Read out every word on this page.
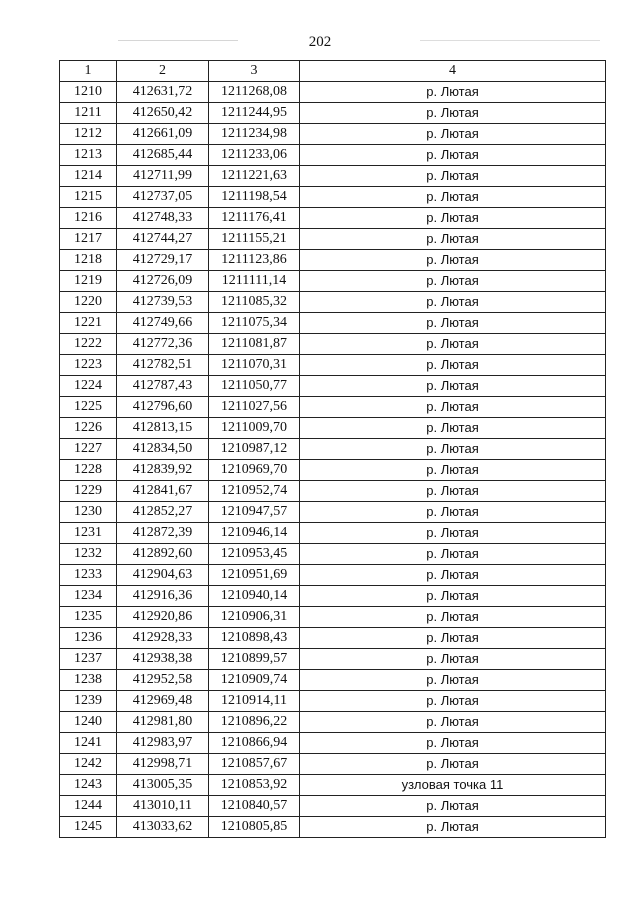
202
1	2	3	4
1210	412631,72	1211268,08	р. Лютая
1211	412650,42	1211244,95	р. Лютая
1212	412661,09	1211234,98	р. Лютая
1213	412685,44	1211233,06	р. Лютая
1214	412711,99	1211221,63	р. Лютая
1215	412737,05	1211198,54	р. Лютая
1216	412748,33	1211176,41	р. Лютая
1217	412744,27	1211155,21	р. Лютая
1218	412729,17	1211123,86	р. Лютая
1219	412726,09	1211111,14	р. Лютая
1220	412739,53	1211085,32	р. Лютая
1221	412749,66	1211075,34	р. Лютая
1222	412772,36	1211081,87	р. Лютая
1223	412782,51	1211070,31	р. Лютая
1224	412787,43	1211050,77	р. Лютая
1225	412796,60	1211027,56	р. Лютая
1226	412813,15	1211009,70	р. Лютая
1227	412834,50	1210987,12	р. Лютая
1228	412839,92	1210969,70	р. Лютая
1229	412841,67	1210952,74	р. Лютая
1230	412852,27	1210947,57	р. Лютая
1231	412872,39	1210946,14	р. Лютая
1232	412892,60	1210953,45	р. Лютая
1233	412904,63	1210951,69	р. Лютая
1234	412916,36	1210940,14	р. Лютая
1235	412920,86	1210906,31	р. Лютая
1236	412928,33	1210898,43	р. Лютая
1237	412938,38	1210899,57	р. Лютая
1238	412952,58	1210909,74	р. Лютая
1239	412969,48	1210914,11	р. Лютая
1240	412981,80	1210896,22	р. Лютая
1241	412983,97	1210866,94	р. Лютая
1242	412998,71	1210857,67	р. Лютая
1243	413005,35	1210853,92	узловая точка 11
1244	413010,11	1210840,57	р. Лютая
1245	413033,62	1210805,85	р. Лютая
